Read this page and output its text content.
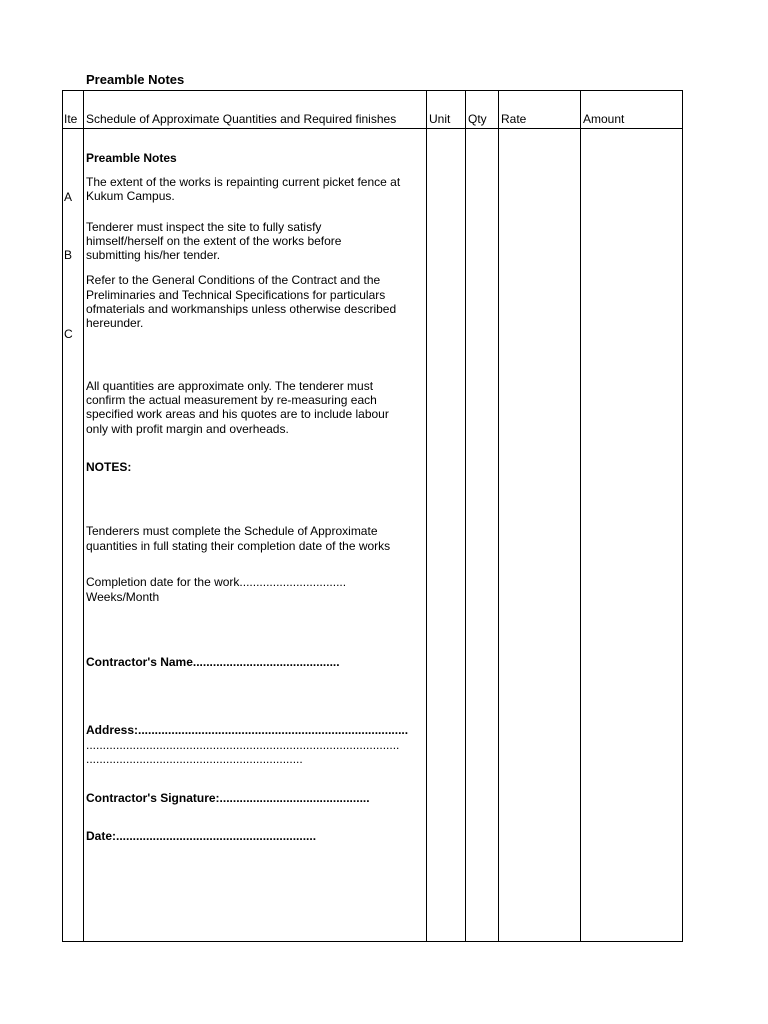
Preamble Notes
Ite Schedule of Approximate Quantities and Required finishes	Unit Qty Rate	Amount
A
B
C
Preamble Notes
The extent of the works is repainting current picket fence at
Kukum Campus.
Tenderer must inspect the site to fully satisfy
himself/herself on the extent of the works before
submitting his/her tender.
Refer to the General Conditions of the Contract and the
Preliminaries and Technical Specifications for particulars
ofmaterials and workmanships unless otherwise described
hereunder.
All quantities are approximate only. The tenderer must
confirm the actual measurement by re-measuring each
specified work areas and his quotes are to include labour
only with profit margin and overheads.
NOTES:
Tenderers must complete the Schedule of Approximate
quantities in full stating their completion date of the works
Completion date for the work................................
Weeks/Month
Contractor's Name............................................
Address:.................................................................................
..............................................................................................
.................................................................
Contractor's Signature:.............................................
Date:............................................................
